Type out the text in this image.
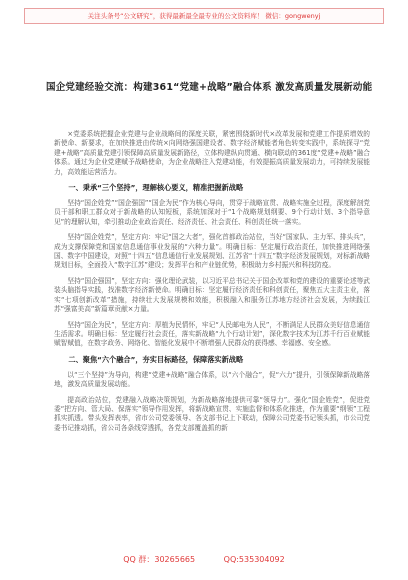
关注头条号“公文研究”，获得最新最全最专业的公文资料库！ 微信：gongwenyj
国企党建经验交流：构建361“党建+战略”融合体系 激发高质量发展新动能

×党委系统把握企业党建与企业战略间的深度关联，紧密围绕新时代×改革发展和党建工作提质增效的新使命、新要求，在加快推进由传统×向网络强国建设者、数字经济赋能者角色转变实践中，系统探寻“党建+战略”高质量党建引领保障高质量发展新路径，立体构建纵向贯通、横向联动的361度“党建+战略”融合体系。通过为企业党建赋予战略使命，为企业战略注入党建动能，有效提振高质量发展动力，可持续发展能力，高效能运营活力。

一、秉承“三个坚持”，理解核心要义，精准把握新战略

坚持“国企姓党”“国企强国”“国企为民”作为核心导向，贯穿于战略宣贯、战略实施全过程，深度解剖党员干部和职工群众对于新战略的认知短板，系统加深对于“1个战略规划纲要、9个行动计划、3个指导意见”的理解认知，牵引推动企业政治责任、经济责任、社会责任、科创责任统一落实。

坚持“国企姓党”，坚定方向：牢记“国之大者”，强化首都政治站位，当好“国家队、主力军、排头兵”，成为支撑保障党和国家信息通信事业发展的“六种力量”。明确目标：坚定履行政治责任，加快推进网络强国、数字中国建设，对照“十四五”信息通信行业发展规划、江苏省“十四五”数字经济发展规划，对标新战略规划目标，全面投入“数字江苏”建设；发挥平台和产业链优势，积极助力乡村振兴和科技防疫。

坚持“国企强国”，坚定方向：强化理论武装，以习近平总书记关于国企改革和党的建设的重要论述等武装头脑指导实践，找准数字经济新使命。明确目标：坚定履行经济责任和科创责任，聚焦五大主责主业，落实“七项创新改革”措施，持续壮大发展规模和效能，积极融入和服务江苏地方经济社会发展，为续践江苏“强富美高”新篇章贡献×力量。

坚持“国企为民”，坚定方向：厚植为民情怀，牢记“人民邮电为人民”，不断满足人民群众美好信息通信生活需求。明确目标：坚定履行社会责任，落实新战略“九个行动计划”，深化数字技术为江苏千行百业赋能赋智赋值，在数字政务、网络化、智能化发展中不断增强人民群众的获得感、幸福感、安全感。

二、聚焦“六个融合”，夯实目标路径，保障落实新战略

以“三个坚持”为导向，构建“党建+战略”融合体系，以“六个融合”，促“六力”提升，引领保障新战略落地，激发高质量发展动能。

提高政治站位，党建融入战略决策规划，为新战略落地提供可靠“领导力”。强化“国企姓党”，促进党委“把方向、管大局、保落实”领导作用发挥，将新战略宣贯、实施监督和体系化推进，作为重要“纲领”工程抓实抓透。带头发挥表率，省市公司党委领导、各支部书记上下联动，保障公司党委书记领头抓，市公司党委书记推动抓，省公司各条线穿透抓，各党支部覆盖抓的新

QQ 群：30265665	QQ:535304092
